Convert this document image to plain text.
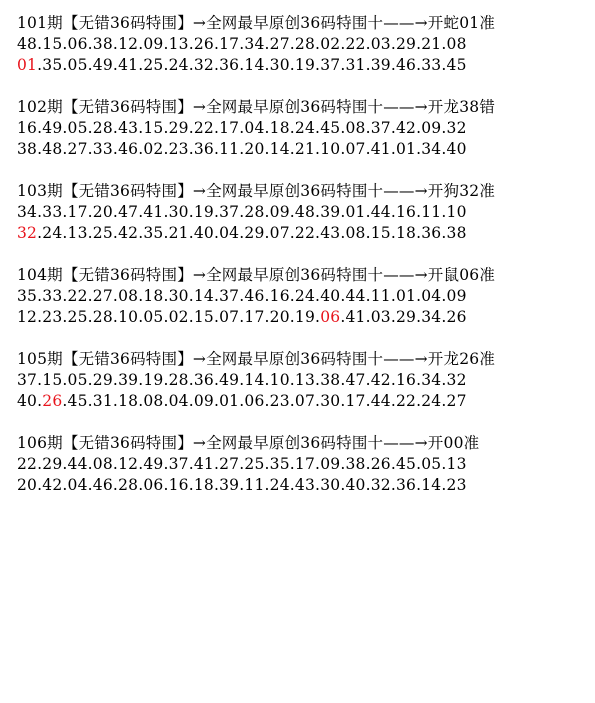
101期【无错36码特围】→全网最早原创36码特围十——→开蛇01准
48.15.06.38.12.09.13.26.17.34.27.28.02.22.03.29.21.08
01.35.05.49.41.25.24.32.36.14.30.19.37.31.39.46.33.45
102期【无错36码特围】→全网最早原创36码特围十——→开龙38错
16.49.05.28.43.15.29.22.17.04.18.24.45.08.37.42.09.32
38.48.27.33.46.02.23.36.11.20.14.21.10.07.41.01.34.40
103期【无错36码特围】→全网最早原创36码特围十——→开狗32准
34.33.17.20.47.41.30.19.37.28.09.48.39.01.44.16.11.10
32.24.13.25.42.35.21.40.04.29.07.22.43.08.15.18.36.38
104期【无错36码特围】→全网最早原创36码特围十——→开鼠06准
35.33.22.27.08.18.30.14.37.46.16.24.40.44.11.01.04.09
12.23.25.28.10.05.02.15.07.17.20.19.06.41.03.29.34.26
105期【无错36码特围】→全网最早原创36码特围十——→开龙26准
37.15.05.29.39.19.28.36.49.14.10.13.38.47.42.16.34.32
40.26.45.31.18.08.04.09.01.06.23.07.30.17.44.22.24.27
106期【无错36码特围】→全网最早原创36码特围十——→开00准
22.29.44.08.12.49.37.41.27.25.35.17.09.38.26.45.05.13
20.42.04.46.28.06.16.18.39.11.24.43.30.40.32.36.14.23
